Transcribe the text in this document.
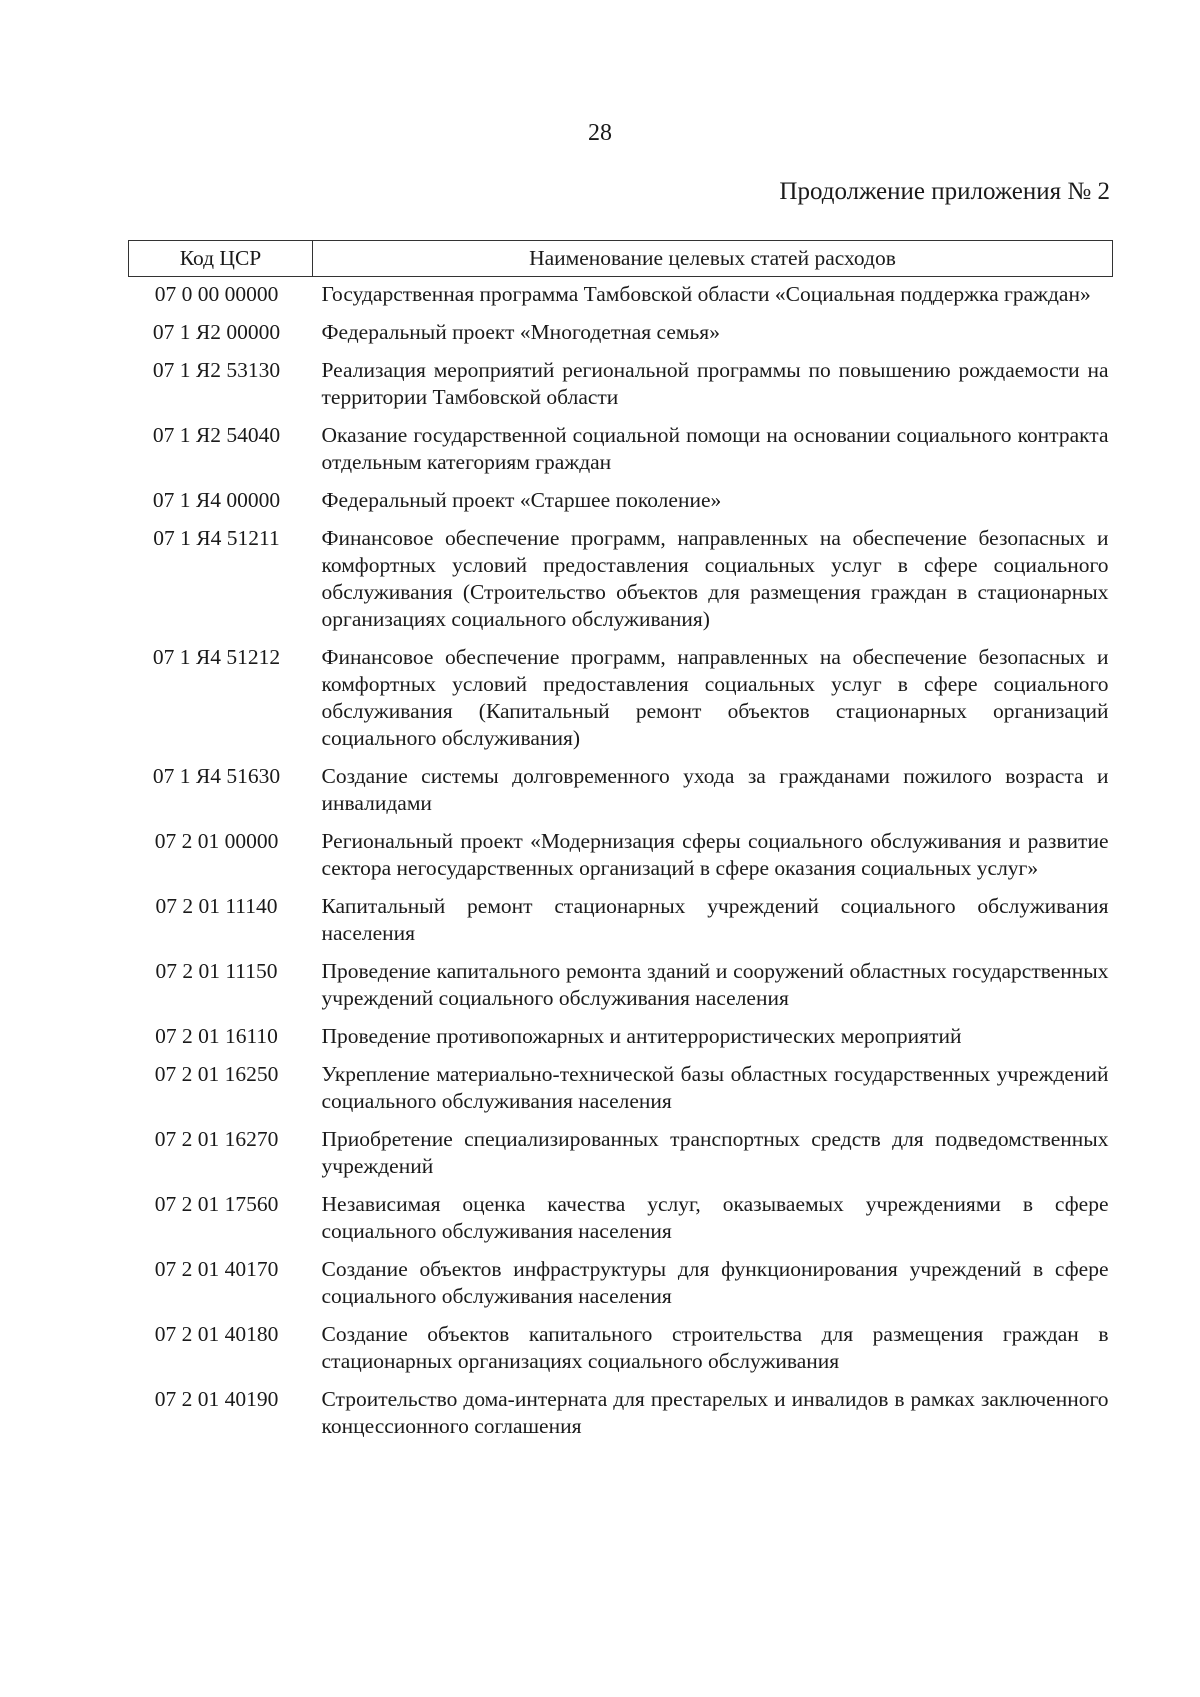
28
Продолжение приложения № 2
Код ЦСР	Наименование целевых статей расходов
07 0 00 00000	Государственная программа Тамбовской области «Социальная поддержка граждан»
07 1 Я2 00000	Федеральный проект «Многодетная семья»
07 1 Я2 53130	Реализация мероприятий региональной программы по повышению рождаемости на территории Тамбовской области
07 1 Я2 54040	Оказание государственной социальной помощи на основании социального контракта отдельным категориям граждан
07 1 Я4 00000	Федеральный проект «Старшее поколение»
07 1 Я4 51211	Финансовое обеспечение программ, направленных на обеспечение безопасных и комфортных условий предоставления социальных услуг в сфере социального обслуживания (Строительство объектов для размещения граждан в стационарных организациях социального обслуживания)
07 1 Я4 51212	Финансовое обеспечение программ, направленных на обеспечение безопасных и комфортных условий предоставления социальных услуг в сфере социального обслуживания (Капитальный ремонт объектов стационарных организаций социального обслуживания)
07 1 Я4 51630	Создание системы долговременного ухода за гражданами пожилого возраста и инвалидами
07 2 01 00000	Региональный проект «Модернизация сферы социального обслуживания и развитие сектора негосударственных организаций в сфере оказания социальных услуг»
07 2 01 11140	Капитальный ремонт стационарных учреждений социального обслуживания населения
07 2 01 11150	Проведение капитального ремонта зданий и сооружений областных государственных учреждений социального обслуживания населения
07 2 01 16110	Проведение противопожарных и антитеррористических мероприятий
07 2 01 16250	Укрепление материально-технической базы областных государственных учреждений социального обслуживания населения
07 2 01 16270	Приобретение специализированных транспортных средств для подведомственных учреждений
07 2 01 17560	Независимая оценка качества услуг, оказываемых учреждениями в сфере социального обслуживания населения
07 2 01 40170	Создание объектов инфраструктуры для функционирования учреждений в сфере социального обслуживания населения
07 2 01 40180	Создание объектов капитального строительства для размещения граждан в стационарных организациях социального обслуживания
07 2 01 40190	Строительство дома-интерната для престарелых и инвалидов в рамках заключенного концессионного соглашения
